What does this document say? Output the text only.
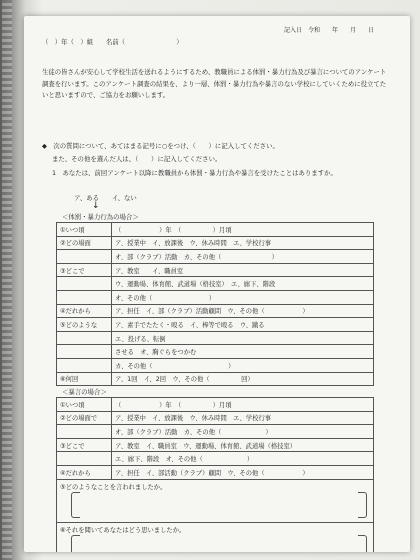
記入日　令和　　年　　月　　日
（　）年（　）組　　名前（　　　　　　　　）
生徒の皆さんが安心して学校生活を送れるようにするため、教職員による体罰・暴力行為及び暴言についてのアンケート調査を行います。このアンケート調査の結果を、より一層、体罰・暴力行為や暴言のない学校にしていくために役立てたいと思いますので、ご協力をお願いします。
◆　次の質問について、あてはまる記号に○をつけ、（　　）に記入してください。
また、その他を選んだ人は、（　　）に記入してください。
1　あなたは、前回アンケート以降に教職員から体罰・暴力行為や暴言を受けたことはありますか。
ア、ある　　イ、ない
↓
＜体罰・暴力行為の場合＞
①いつ頃	（　　　　　　）年　（　　　　　）月頃
②どの場面	ア、授業中　イ、放課後　ウ、休み時間　エ、学校行事
	オ、部（クラブ）活動　カ、その他（　　　　　　　　）
③どこで	ア、教室　　イ、職員室
	ウ、運動場、体育館、武道場（格技室）　エ、廊下、階段
	オ、その他（　　　　　　　　　）
④だれから	ア、担任　イ、部（クラブ）活動顧問　ウ、その他（　　　　　　）
⑤どのような	ア、素手でたたく・殴る　イ、棒等で殴る　ウ、蹴る
	エ、投げる、転倒
	させる　オ、胸ぐらをつかむ
	カ、その他（　　　　　　　　　　　　）
⑥何回	ア、1回　イ、2回　ウ、その他（　　　　　回）
＜暴言の場合＞
①いつ頃	（　　　　　　）年　（　　　　　）月頃
②どの場面で	ア、授業中　イ、放課後　ウ、休み時間　エ、学校行事
	オ、部（クラブ）活動　カ、その他（　　　　　　　）
③どこで	ア、教室　イ、職員室　ウ、運動場、体育館、武道場（格技室）
	エ、廊下、階段　オ、その他（　　　　　　　）
④だれから	ア、担任　イ、部活動（クラブ）顧問　ウ、その他（　　　　　　）
⑤どのようなことを言われましたか。	

⑥それを聞いてあなたはどう思いましたか。	
